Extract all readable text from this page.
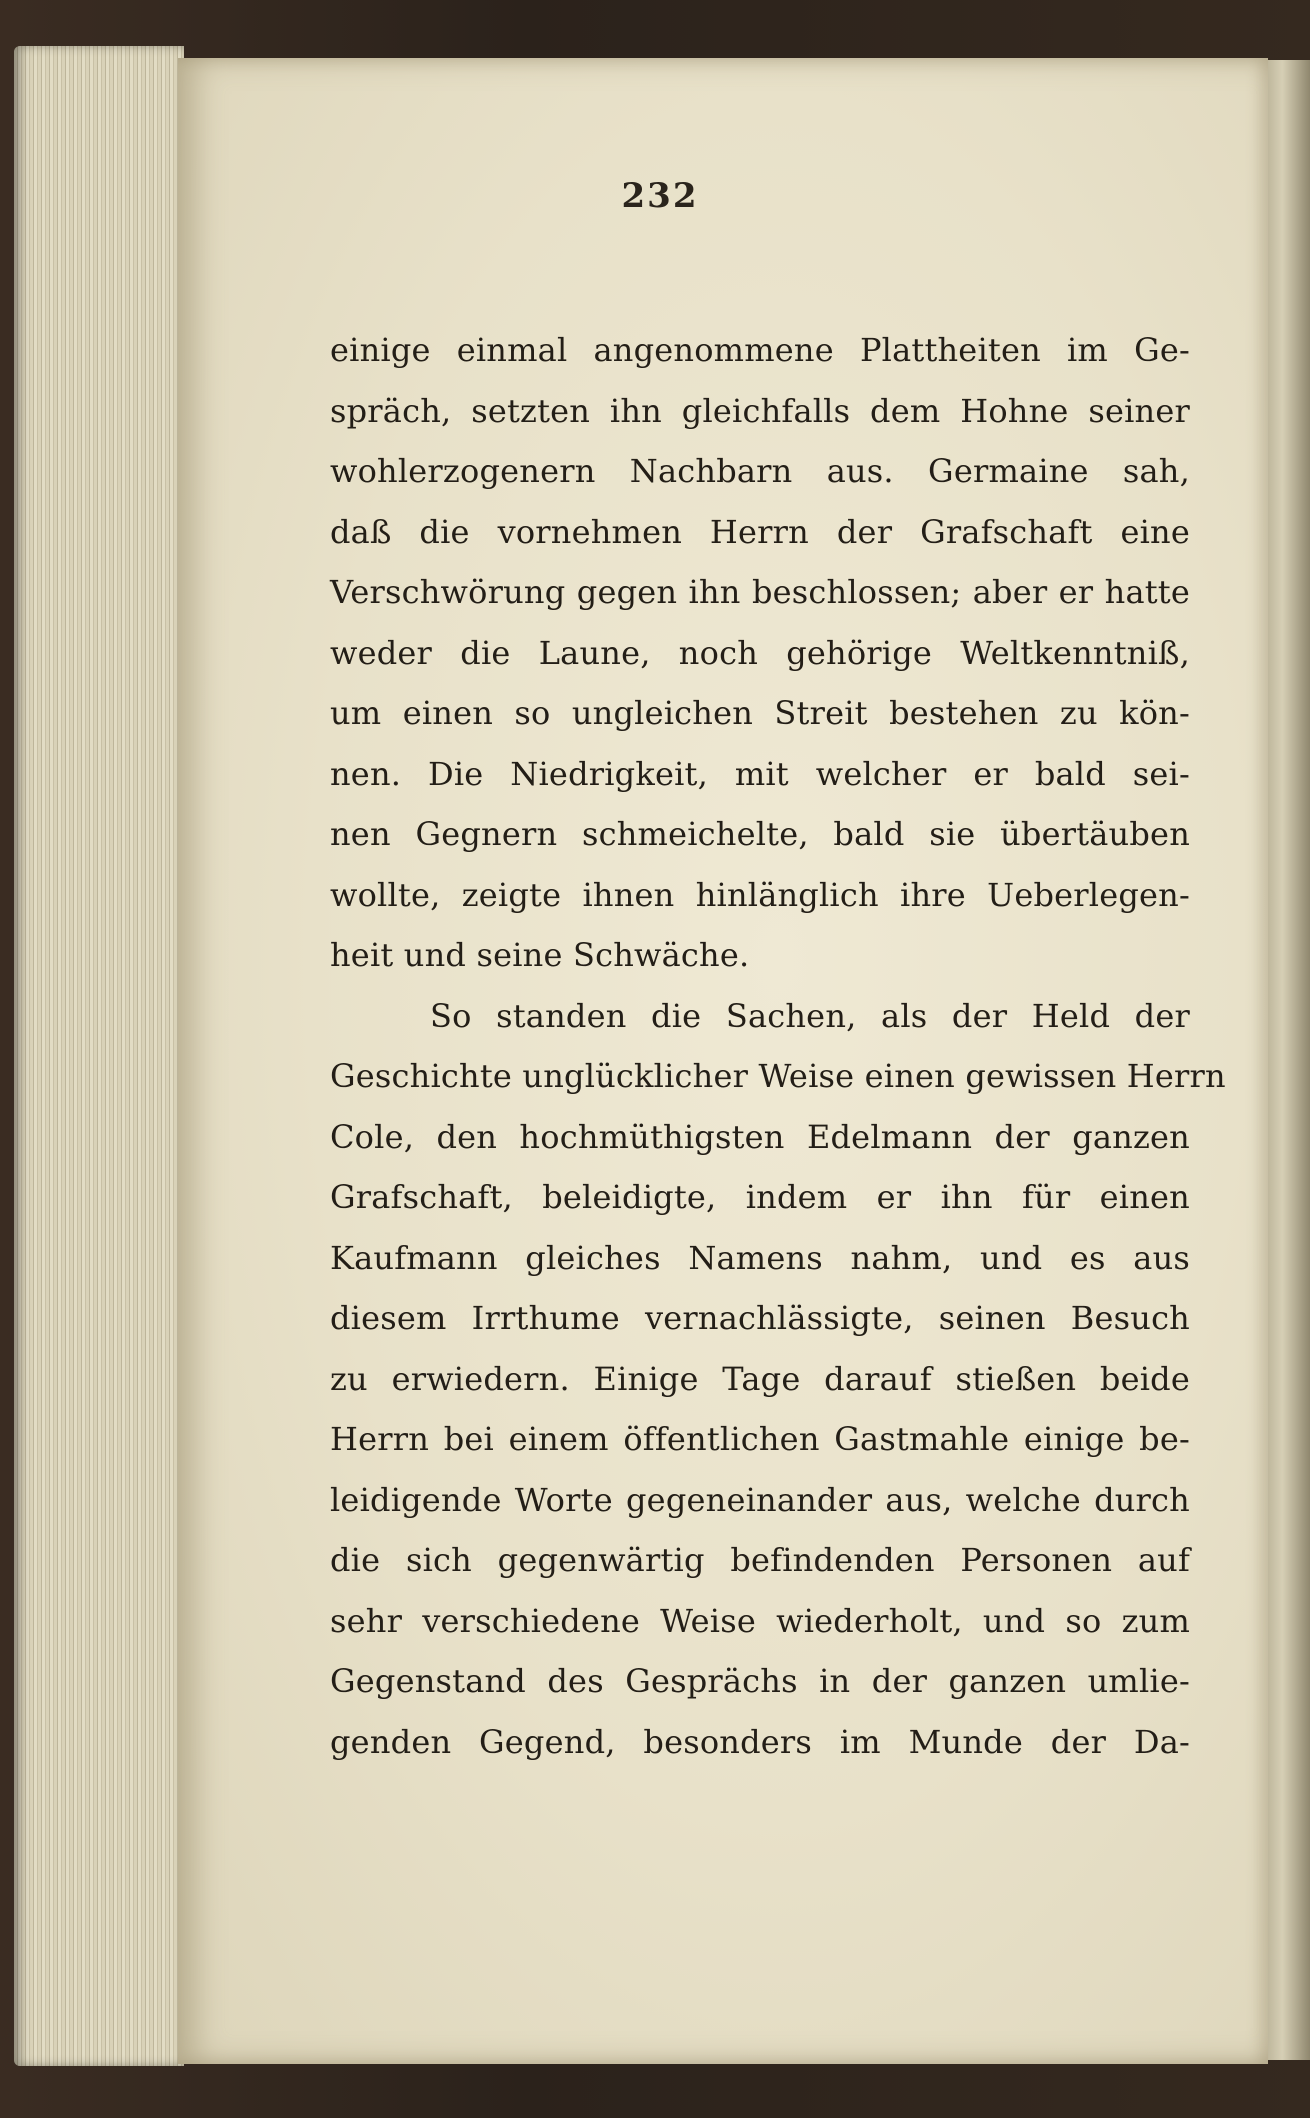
232
einige einmal angenommene Plattheiten im Ge-
spräch, setzten ihn gleichfalls dem Hohne seiner
wohlerzogenern Nachbarn aus. Germaine sah,
daß die vornehmen Herrn der Grafschaft eine
Verschwörung gegen ihn beschlossen; aber er hatte
weder die Laune, noch gehörige Weltkenntniß,
um einen so ungleichen Streit bestehen zu kön-
nen. Die Niedrigkeit, mit welcher er bald sei-
nen Gegnern schmeichelte, bald sie übertäuben
wollte, zeigte ihnen hinlänglich ihre Ueberlegen-
heit und seine Schwäche.
So standen die Sachen, als der Held der
Geschichte unglücklicher Weise einen gewissen Herrn
Cole, den hochmüthigsten Edelmann der ganzen
Grafschaft, beleidigte, indem er ihn für einen
Kaufmann gleiches Namens nahm, und es aus
diesem Irrthume vernachlässigte, seinen Besuch
zu erwiedern. Einige Tage darauf stießen beide
Herrn bei einem öffentlichen Gastmahle einige be-
leidigende Worte gegeneinander aus, welche durch
die sich gegenwärtig befindenden Personen auf
sehr verschiedene Weise wiederholt, und so zum
Gegenstand des Gesprächs in der ganzen umlie-
genden Gegend, besonders im Munde der Da-
